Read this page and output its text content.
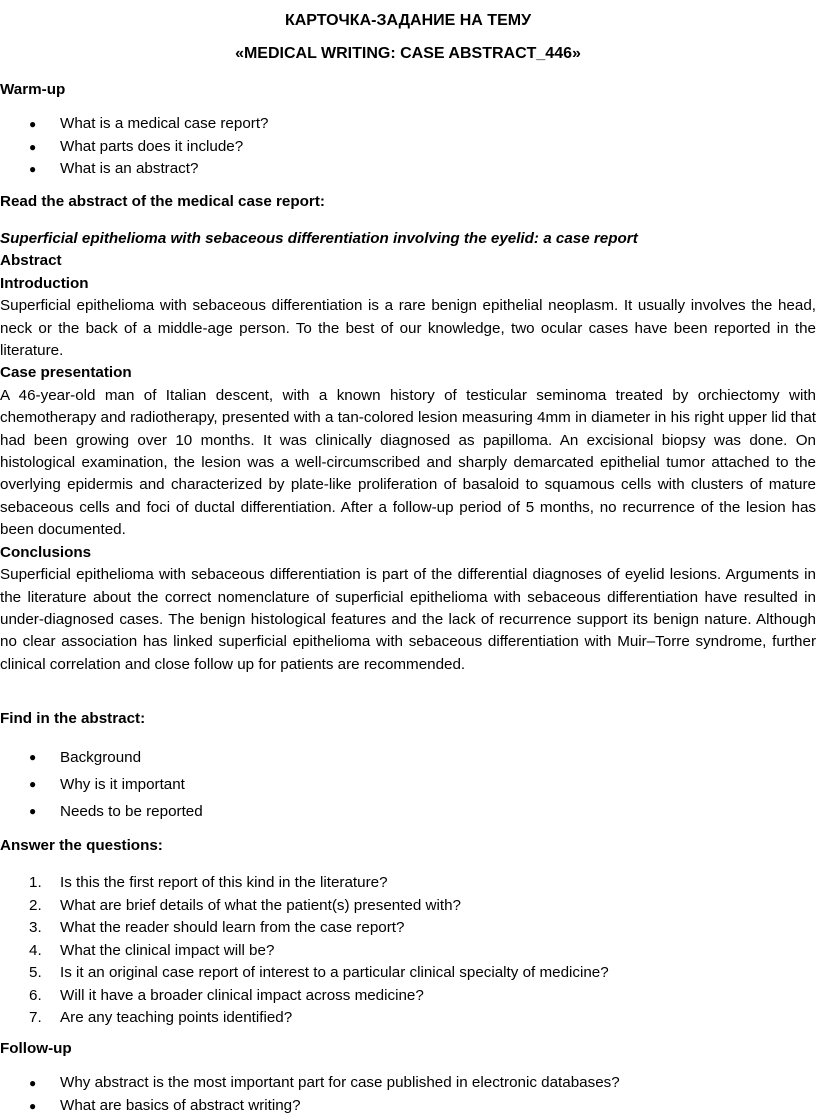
КАРТОЧКА-ЗАДАНИЕ НА ТЕМУ
«MEDICAL WRITING: CASE ABSTRACT_446»
Warm-up
● What is a medical case report?
● What parts does it include?
● What is an abstract?
Read the abstract of the medical case report:
Superficial epithelioma with sebaceous differentiation involving the eyelid: a case report
Abstract
Introduction
Superficial epithelioma with sebaceous differentiation is a rare benign epithelial neoplasm. It usually involves the head, neck or the back of a middle-age person. To the best of our knowledge, two ocular cases have been reported in the literature.
Case presentation
A 46-year-old man of Italian descent, with a known history of testicular seminoma treated by orchiectomy with chemotherapy and radiotherapy, presented with a tan-colored lesion measuring 4mm in diameter in his right upper lid that had been growing over 10 months. It was clinically diagnosed as papilloma. An excisional biopsy was done. On histological examination, the lesion was a well-circumscribed and sharply demarcated epithelial tumor attached to the overlying epidermis and characterized by plate-like proliferation of basaloid to squamous cells with clusters of mature sebaceous cells and foci of ductal differentiation. After a follow-up period of 5 months, no recurrence of the lesion has been documented.
Conclusions
Superficial epithelioma with sebaceous differentiation is part of the differential diagnoses of eyelid lesions. Arguments in the literature about the correct nomenclature of superficial epithelioma with sebaceous differentiation have resulted in under-diagnosed cases. The benign histological features and the lack of recurrence support its benign nature. Although no clear association has linked superficial epithelioma with sebaceous differentiation with Muir–Torre syndrome, further clinical correlation and close follow up for patients are recommended.
Find in the abstract:
● Background
● Why is it important
● Needs to be reported
Answer the questions:
1. Is this the first report of this kind in the literature?
2. What are brief details of what the patient(s) presented with?
3. What the reader should learn from the case report?
4. What the clinical impact will be?
5. Is it an original case report of interest to a particular clinical specialty of medicine?
6. Will it have a broader clinical impact across medicine?
7. Are any teaching points identified?
Follow-up
● Why abstract is the most important part for case published in electronic databases?
● What are basics of abstract writing?
